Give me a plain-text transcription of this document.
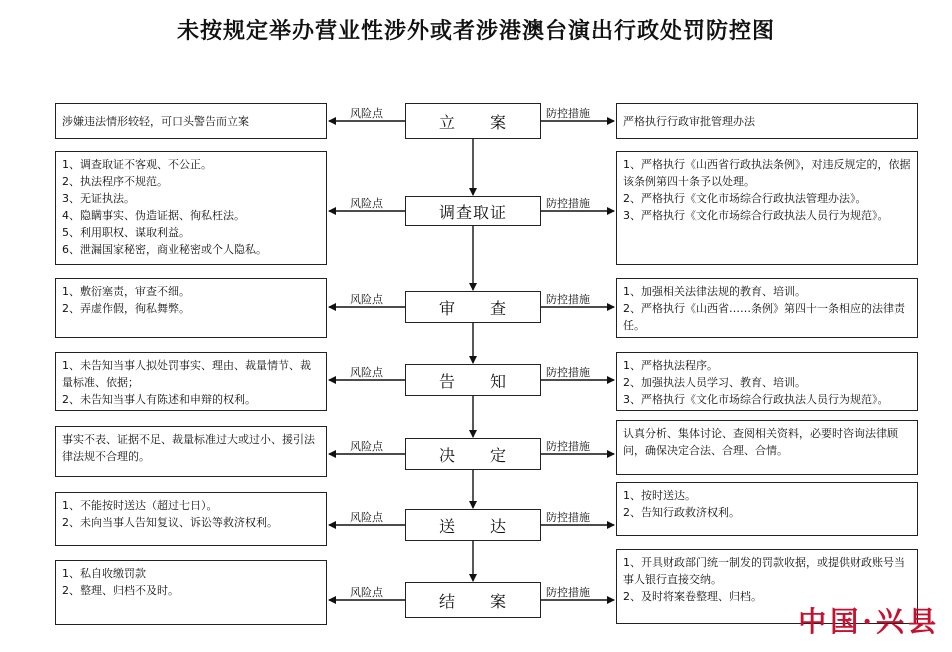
未按规定举办营业性涉外或者涉港澳台演出行政处罚防控图
涉嫌违法情形较轻，可口头警告而立案	立　　案	严格执行行政审批管理办法
风险点	防控措施
1、调查取证不客观、不公正。
2、执法程序不规范。
3、无证执法。
4、隐瞒事实、伪造证据、徇私枉法。
5、利用职权、谋取利益。
6、泄漏国家秘密，商业秘密或个人隐私。
调查取证
1、严格执行《山西省行政执法条例》，对违反规定的，依据该条例第四十条予以处理。
2、严格执行《文化市场综合行政执法管理办法》。
3、严格执行《文化市场综合行政执法人员行为规范》。
风险点	防控措施
1、敷衍塞责，审查不细。
2、弄虚作假，徇私舞弊。	审　　查
1、加强相关法律法规的教育、培训。
2、严格执行《山西省……条例》第四十一条相应的法律责任。
风险点	防控措施
1、未告知当事人拟处罚事实、理由、裁量情节、裁量标准、依据；
2、未告知当事人有陈述和申辩的权利。
告　　知
1、严格执法程序。
2、加强执法人员学习、教育、培训。
3、严格执行《文化市场综合行政执法人员行为规范》。
风险点	防控措施
事实不表、证据不足、裁量标准过大或过小、援引法律法规不合理的。	决　　定
认真分析、集体讨论、查阅相关资料，必要时咨询法律顾问，确保决定合法、合理、合情。
风险点	防控措施
1、不能按时送达（超过七日）。
2、未向当事人告知复议、诉讼等救济权利。	送　　达
1、按时送达。
2、告知行政救济权利。
风险点	防控措施
1、私自收缴罚款
2、整理、归档不及时。
结　　案
1、开具财政部门统一制发的罚款收据，或提供财政账号当事人银行直接交纳。
2、及时将案卷整理、归档。
风险点	防控措施
中国·兴县
